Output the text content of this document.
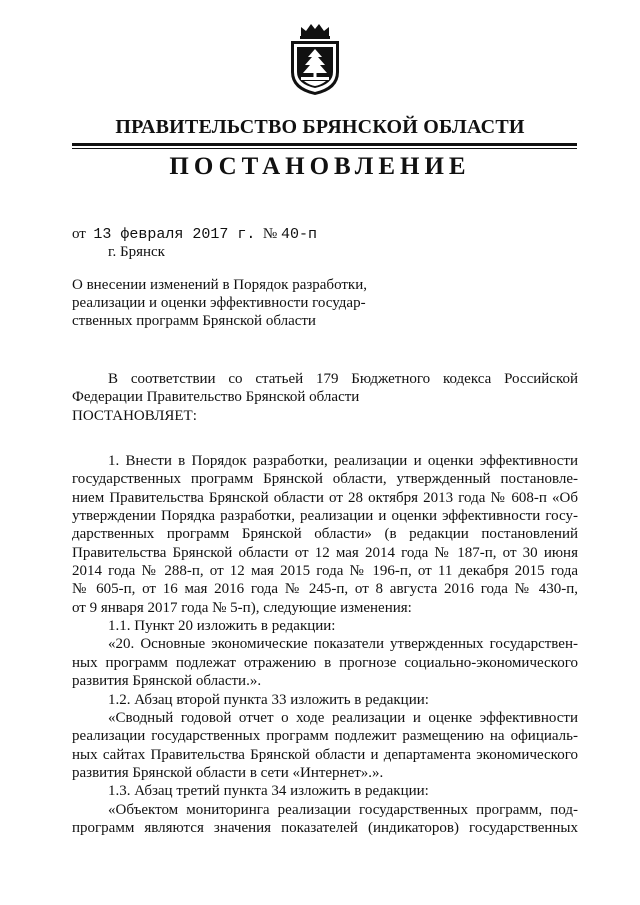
ПРАВИТЕЛЬСТВО БРЯНСКОЙ ОБЛАСТИ
ПОСТАНОВЛЕНИЕ
от 13 февраля 2017 г. № 40-п
г. Брянск
О внесении изменений в Порядок разработки,
реализации и оценки эффективности государ-
ственных программ Брянской области
В соответствии со статьей 179 Бюджетного кодекса Российской
Федерации Правительство Брянской области
ПОСТАНОВЛЯЕТ:
1. Внести в Порядок разработки, реализации и оценки эффективности
государственных программ Брянской области, утвержденный постановле-
нием Правительства Брянской области от 28 октября 2013 года № 608-п «Об
утверждении Порядка разработки, реализации и оценки эффективности госу-
дарственных программ Брянской области» (в редакции постановлений
Правительства Брянской области от 12 мая 2014 года № 187-п, от 30 июня
2014 года № 288-п, от 12 мая 2015 года № 196-п, от 11 декабря 2015 года
№ 605-п, от 16 мая 2016 года № 245-п, от 8 августа 2016 года № 430-п,
от 9 января 2017 года № 5-п), следующие изменения:
1.1. Пункт 20 изложить в редакции:
«20. Основные экономические показатели утвержденных государствен-
ных программ подлежат отражению в прогнозе социально-экономического
развития Брянской области.».
1.2. Абзац второй пункта 33 изложить в редакции:
«Сводный годовой отчет о ходе реализации и оценке эффективности
реализации государственных программ подлежит размещению на официаль-
ных сайтах Правительства Брянской области и департамента экономического
развития Брянской области в сети «Интернет».».
1.3. Абзац третий пункта 34 изложить в редакции:
«Объектом мониторинга реализации государственных программ, под-
программ являются значения показателей (индикаторов) государственных
